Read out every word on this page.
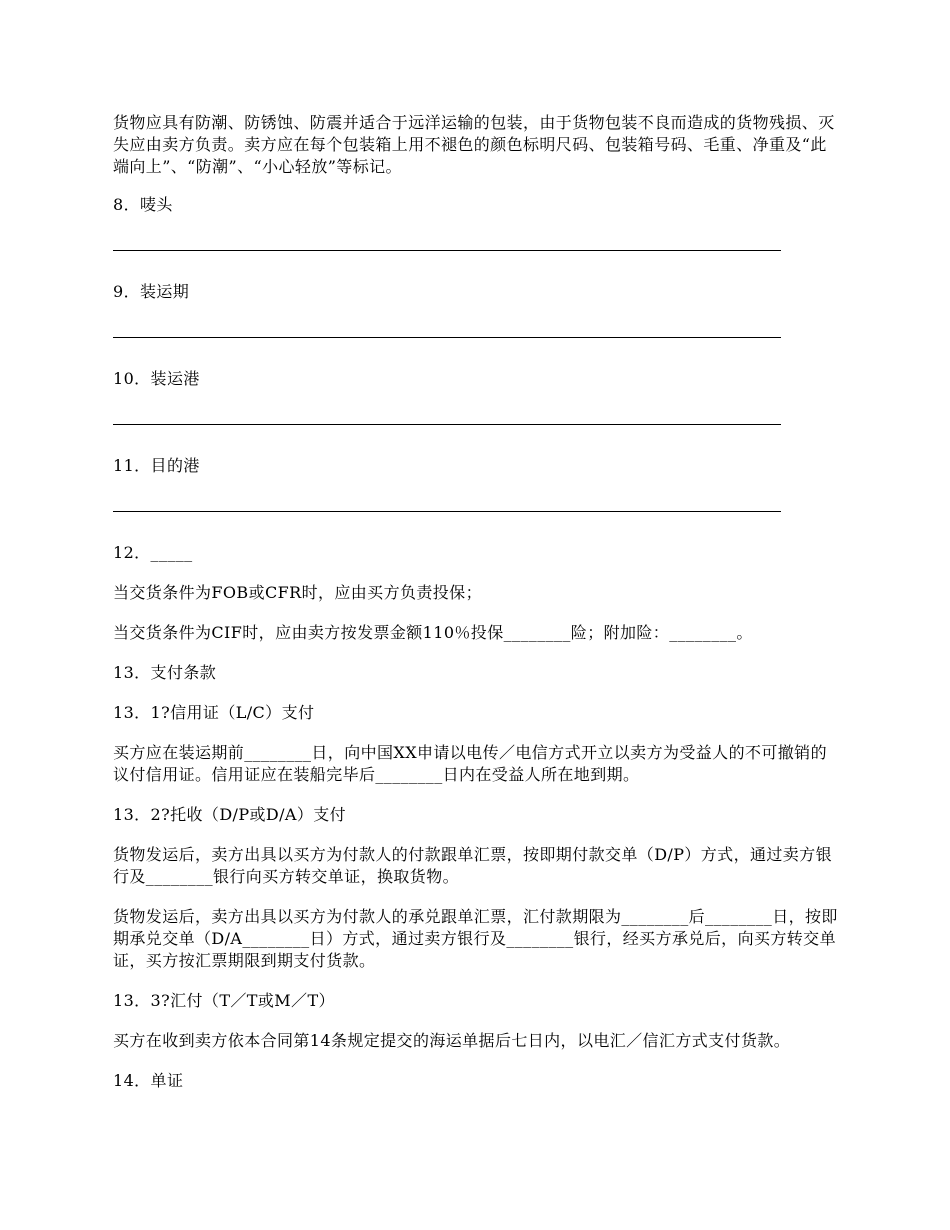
货物应具有防潮、防锈蚀、防震并适合于远洋运输的包装，由于货物包装不良而造成的货物残损、灭失应由卖方负责。卖方应在每个包装箱上用不褪色的颜色标明尺码、包装箱号码、毛重、净重及“此端向上”、“防潮”、“小心轻放”等标记。

8．唛头

9．装运期

10．装运港

11．目的港

12．_____

当交货条件为FOB或CFR时，应由买方负责投保；

当交货条件为CIF时，应由卖方按发票金额110％投保________险；附加险：________。

13．支付条款

13．1?信用证（L/C）支付

买方应在装运期前________日，向中国XX申请以电传／电信方式开立以卖方为受益人的不可撤销的议付信用证。信用证应在装船完毕后________日内在受益人所在地到期。

13．2?托收（D/P或D/A）支付

货物发运后，卖方出具以买方为付款人的付款跟单汇票，按即期付款交单（D/P）方式，通过卖方银行及________银行向买方转交单证，换取货物。

货物发运后，卖方出具以买方为付款人的承兑跟单汇票，汇付款期限为________后________日，按即期承兑交单（D/A________日）方式，通过卖方银行及________银行，经买方承兑后，向买方转交单证，买方按汇票期限到期支付货款。

13．3?汇付（T／T或M／T）

买方在收到卖方依本合同第14条规定提交的海运单据后七日内，以电汇／信汇方式支付货款。

14．单证
